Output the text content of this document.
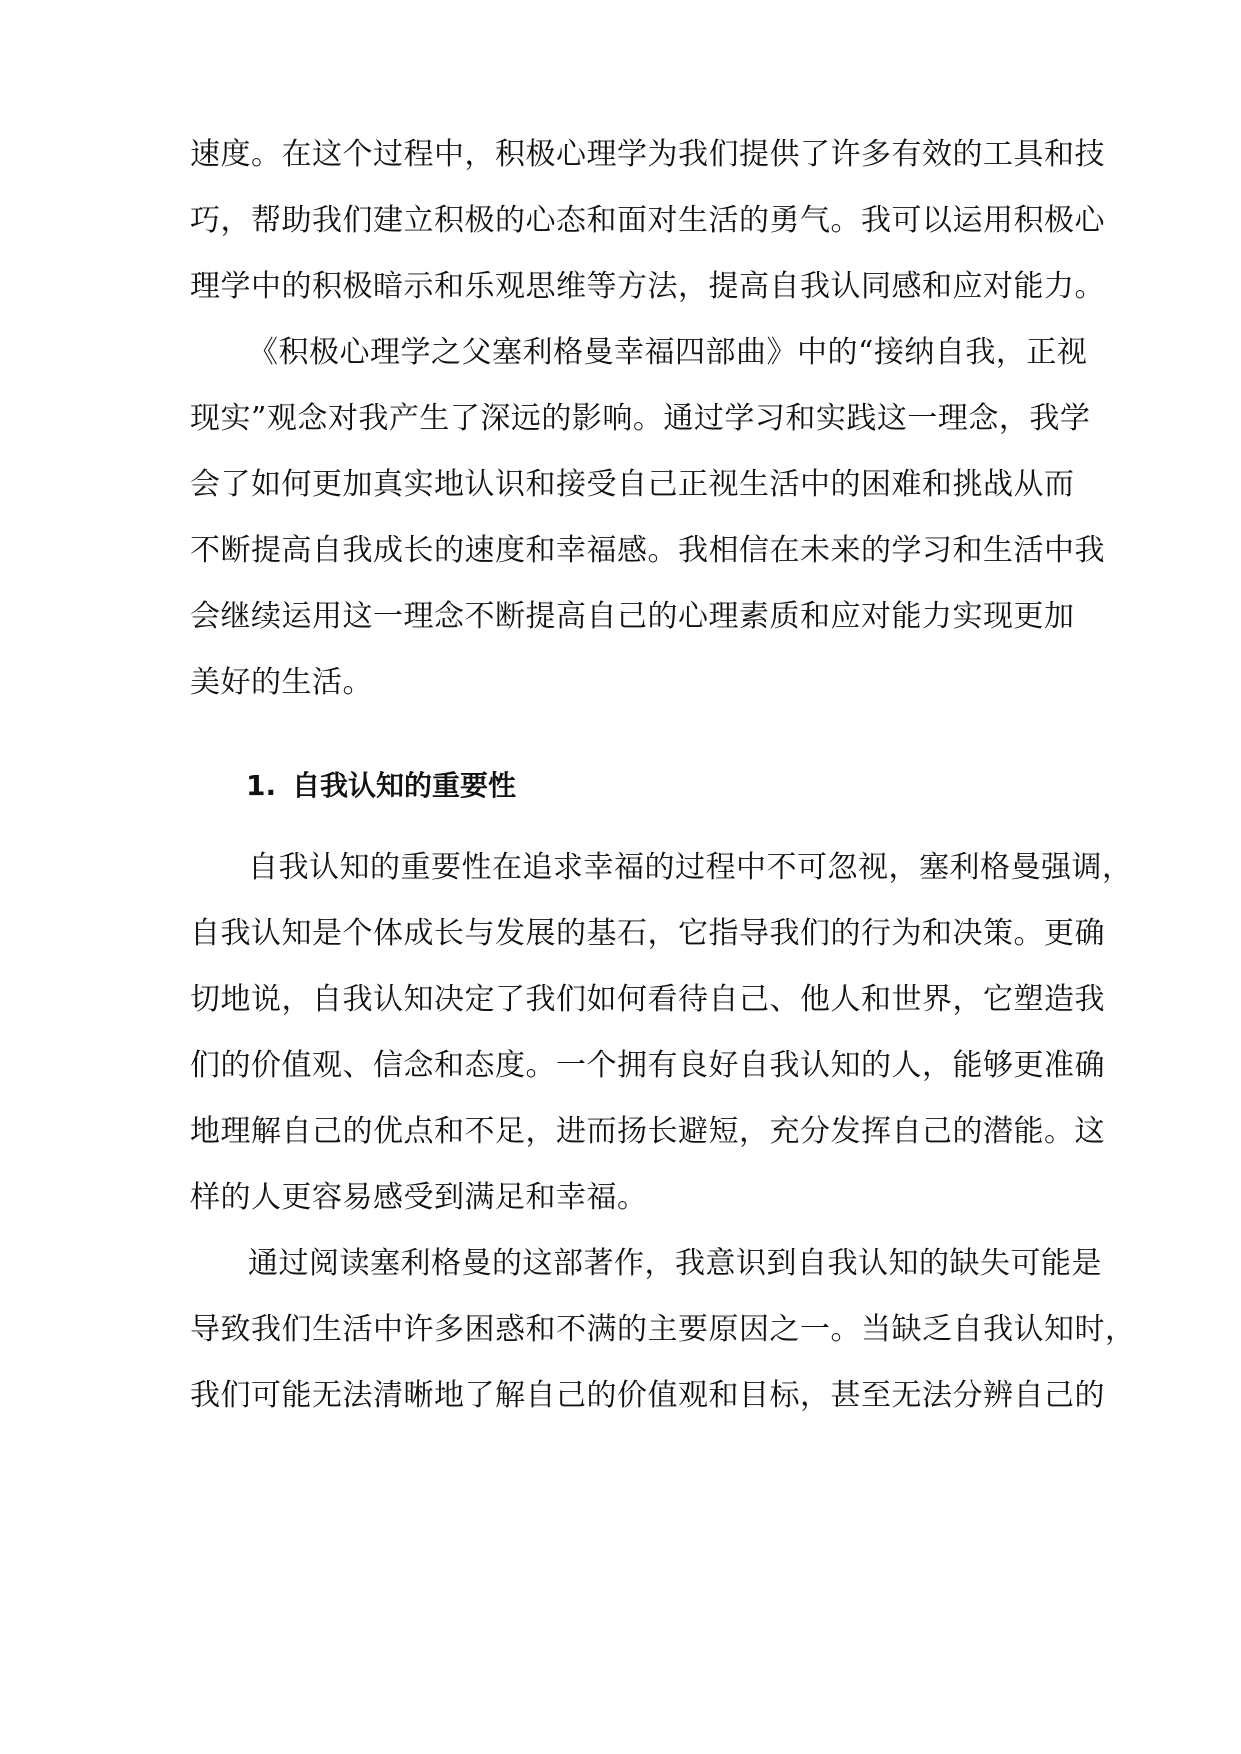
速度。在这个过程中，积极心理学为我们提供了许多有效的工具和技
巧，帮助我们建立积极的心态和面对生活的勇气。我可以运用积极心
理学中的积极暗示和乐观思维等方法，提高自我认同感和应对能力。
《积极心理学之父塞利格曼幸福四部曲》中的“接纳自我，正视
现实”观念对我产生了深远的影响。通过学习和实践这一理念，我学
会了如何更加真实地认识和接受自己正视生活中的困难和挑战从而
不断提高自我成长的速度和幸福感。我相信在未来的学习和生活中我
会继续运用这一理念不断提高自己的心理素质和应对能力实现更加
美好的生活。
1. 自我认知的重要性
自我认知的重要性在追求幸福的过程中不可忽视，塞利格曼强调，
自我认知是个体成长与发展的基石，它指导我们的行为和决策。更确
切地说，自我认知决定了我们如何看待自己、他人和世界，它塑造我
们的价值观、信念和态度。一个拥有良好自我认知的人，能够更准确
地理解自己的优点和不足，进而扬长避短，充分发挥自己的潜能。这
样的人更容易感受到满足和幸福。
通过阅读塞利格曼的这部著作，我意识到自我认知的缺失可能是
导致我们生活中许多困惑和不满的主要原因之一。当缺乏自我认知时，
我们可能无法清晰地了解自己的价值观和目标，甚至无法分辨自己的
